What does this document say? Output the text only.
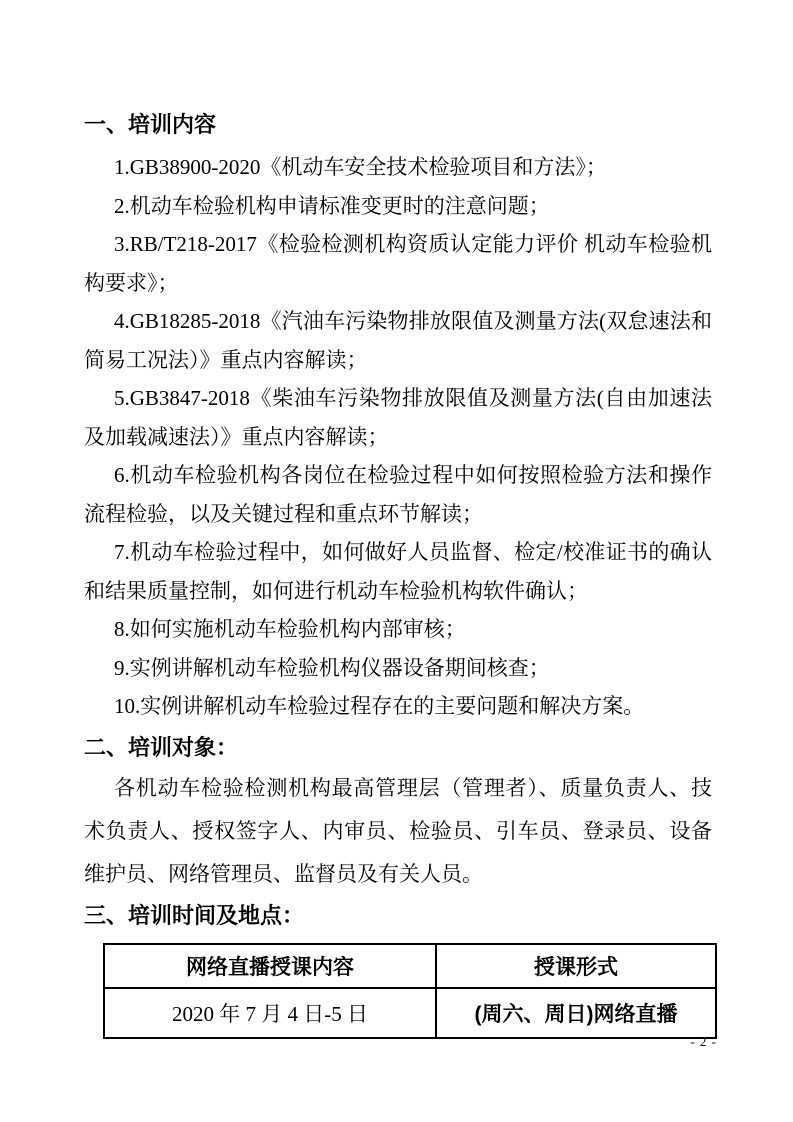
一、培训内容

1.GB38900-2020《机动车安全技术检验项目和方法》；

2.机动车检验机构申请标准变更时的注意问题；

3.RB/T218-2017《检验检测机构资质认定能力评价 机动车检验机构要求》；

4.GB18285-2018《汽油车污染物排放限值及测量方法(双怠速法和简易工况法）》重点内容解读；

5.GB3847-2018《柴油车污染物排放限值及测量方法(自由加速法及加载减速法）》重点内容解读；

6.机动车检验机构各岗位在检验过程中如何按照检验方法和操作流程检验，以及关键过程和重点环节解读；

7.机动车检验过程中，如何做好人员监督、检定/校准证书的确认和结果质量控制，如何进行机动车检验机构软件确认；

8.如何实施机动车检验机构内部审核；

9.实例讲解机动车检验机构仪器设备期间核查；

10.实例讲解机动车检验过程存在的主要问题和解决方案。

二、培训对象：

各机动车检验检测机构最高管理层（管理者）、质量负责人、技术负责人、授权签字人、内审员、检验员、引车员、登录员、设备维护员、网络管理员、监督员及有关人员。

三、培训时间及地点：
网络直播授课内容	授课形式
2020 年 7 月 4 日-5 日	(周六、周日)网络直播
- 2 -
